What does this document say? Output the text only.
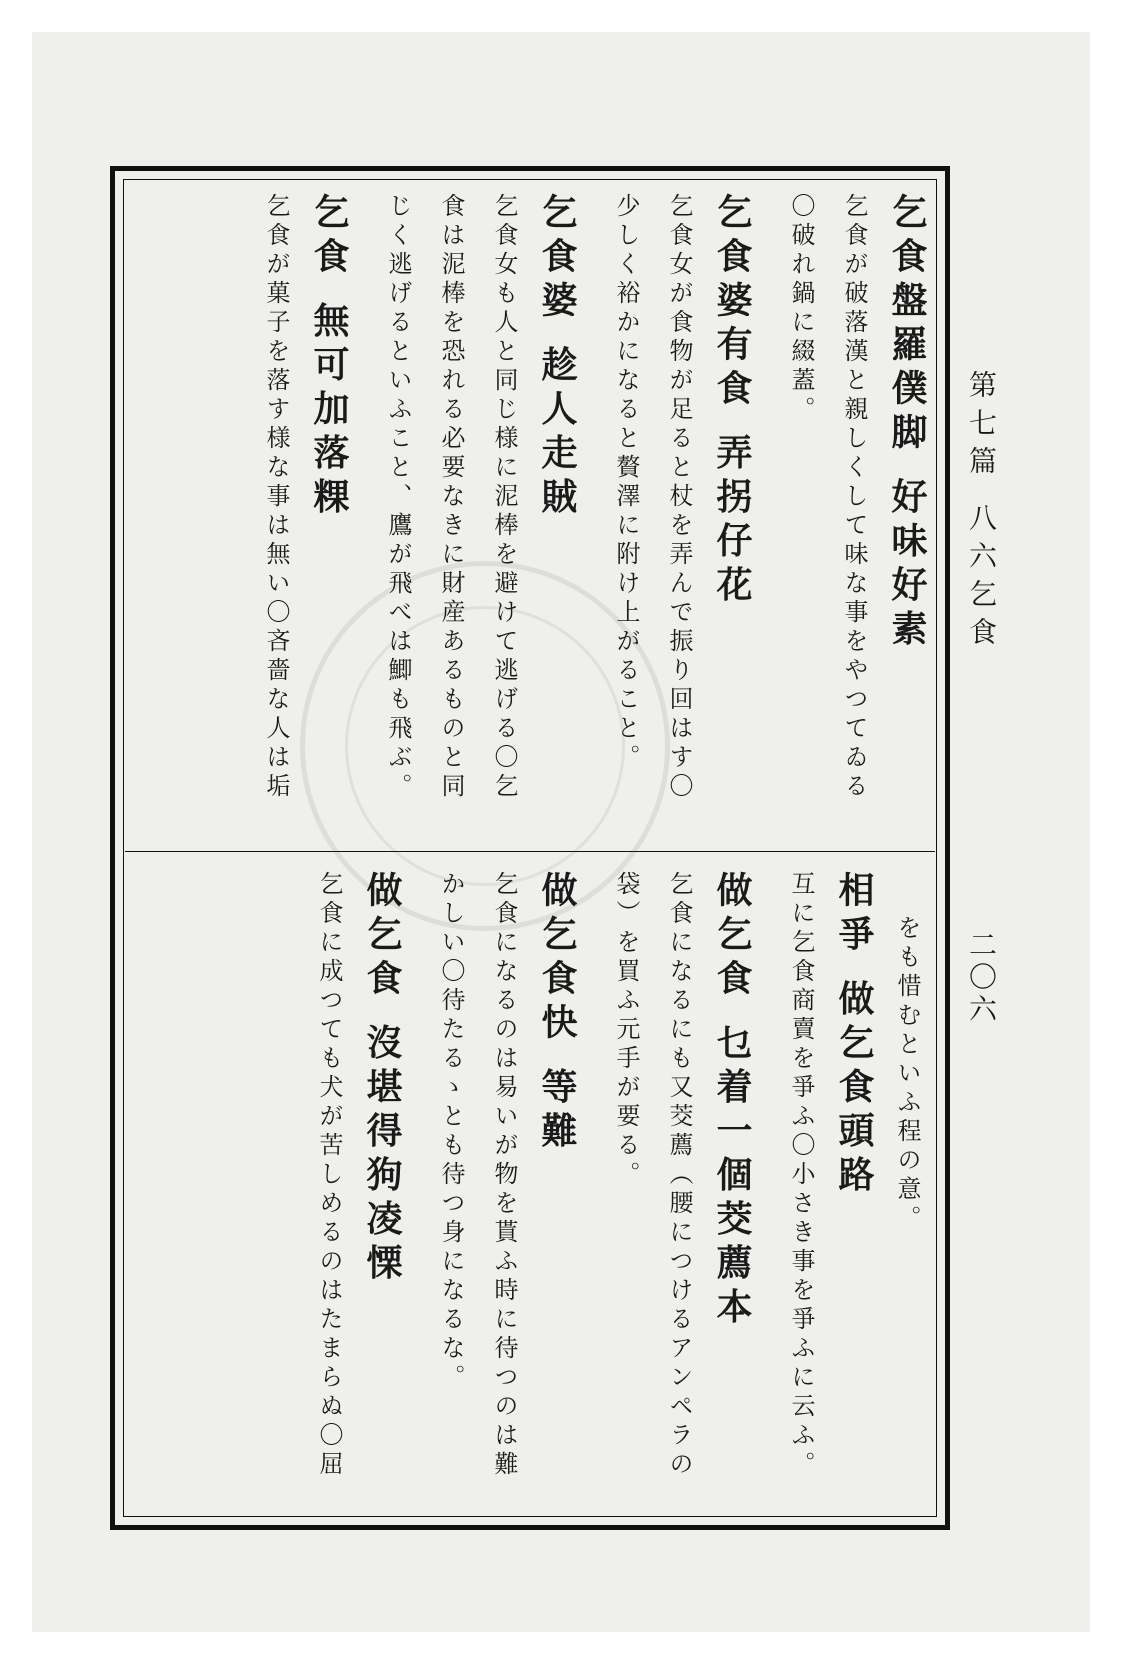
第七篇 八六乞食
二〇六
乞食盤羅僕脚 好味好素
乞食が破落漢と親しくして味な事をやつてゐる
〇破れ鍋に綴蓋。
乞食婆有食 弄拐仔花
乞食女が食物が足ると杖を弄んで振り回はす〇
少しく裕かになると贅澤に附け上がること。
乞食婆 趁人走賊
乞食女も人と同じ様に泥棒を避けて逃げる〇乞
食は泥棒を恐れる必要なきに財産あるものと同
じく逃げるといふこと、鷹が飛べは鯽も飛ぶ。
乞食 無可加落粿
乞食が菓子を落す様な事は無い〇吝嗇な人は垢
をも惜むといふ程の意。
相爭 做乞食頭路
互に乞食商賣を爭ふ〇小さき事を爭ふに云ふ。
做乞食 乜着一個茭薦本
乞食になるにも又茭薦（腰につけるアンペラの
袋）を買ふ元手が要る。
做乞食快 等難
乞食になるのは易いが物を貰ふ時に待つのは難
かしい〇待たるゝとも待つ身になるな。
做乞食 沒堪得狗凌慄
乞食に成つても犬が苦しめるのはたまらぬ〇屈
